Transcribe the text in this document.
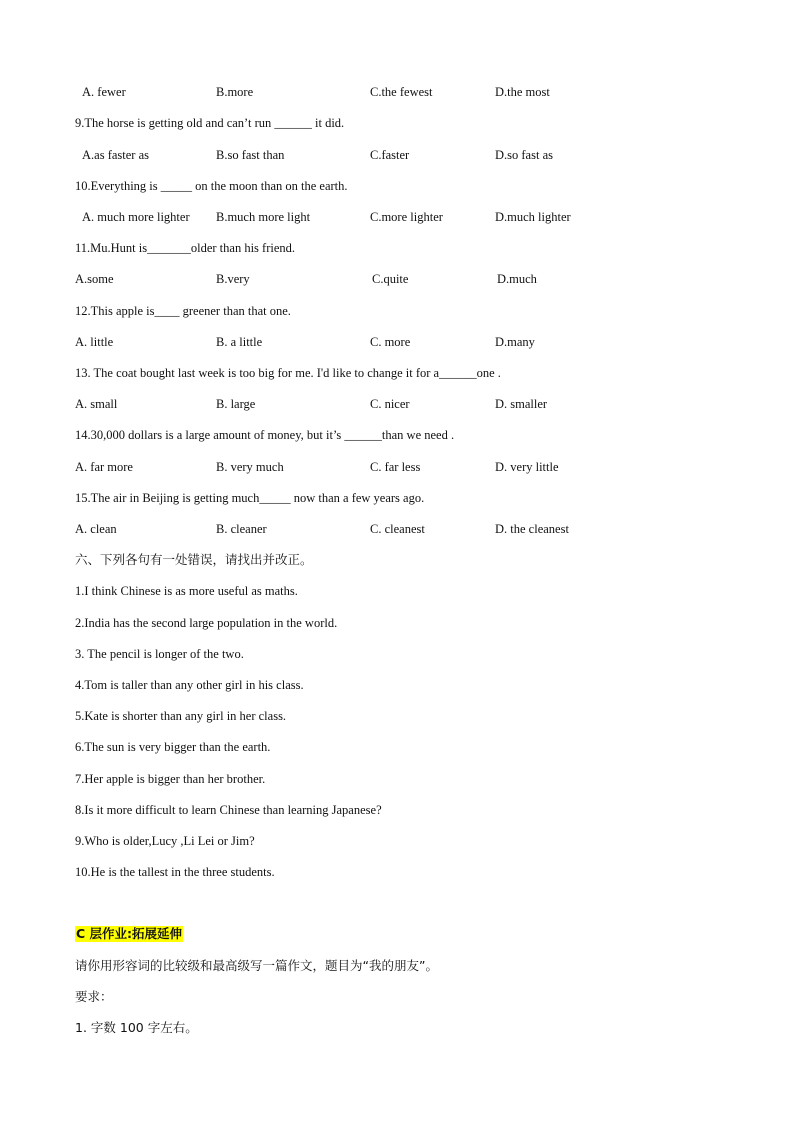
A. fewer	B.more	C.the fewest	D.the most
9.The horse is getting old and can’t run ______ it did.
A.as faster as	B.so fast than	C.faster	D.so fast as
10.Everything is _____ on the moon than on the earth.
A. much more lighter B.much more light	C.more lighter	D.much lighter
11.Mu.Hunt is_______older than his friend.
A.some	B.very	C.quite	D.much
12.This apple is____ greener than that one.
A. little	B. a little	C. more	D.many
13. The coat bought last week is too big for me. I'd like to change it for a______one .
A. small	B. large	C. nicer	D. smaller
14.30,000 dollars is a large amount of money, but it’s ______than we need .
A. far more	B. very much	C. far less	D. very little
15.The air in Beijing is getting much_____ now than a few years ago.
A. clean	B. cleaner	C. cleanest	D. the cleanest
六、下列各句有一处错误，请找出并改正。
1.I think Chinese is as more useful as maths.
2.India has the second large population in the world.
3. The pencil is longer of the two.
4.Tom is taller than any other girl in his class.
5.Kate is shorter than any girl in her class.
6.The sun is very bigger than the earth.
7.Her apple is bigger than her brother.
8.Is it more difficult to learn Chinese than learning Japanese?
9.Who is older,Lucy ,Li Lei or Jim?
10.He is the tallest in the three students.
C 层作业:拓展延伸
请你用形容词的比较级和最高级写一篇作文，题目为“我的朋友”。
要求：
1. 字数 100 字左右。
